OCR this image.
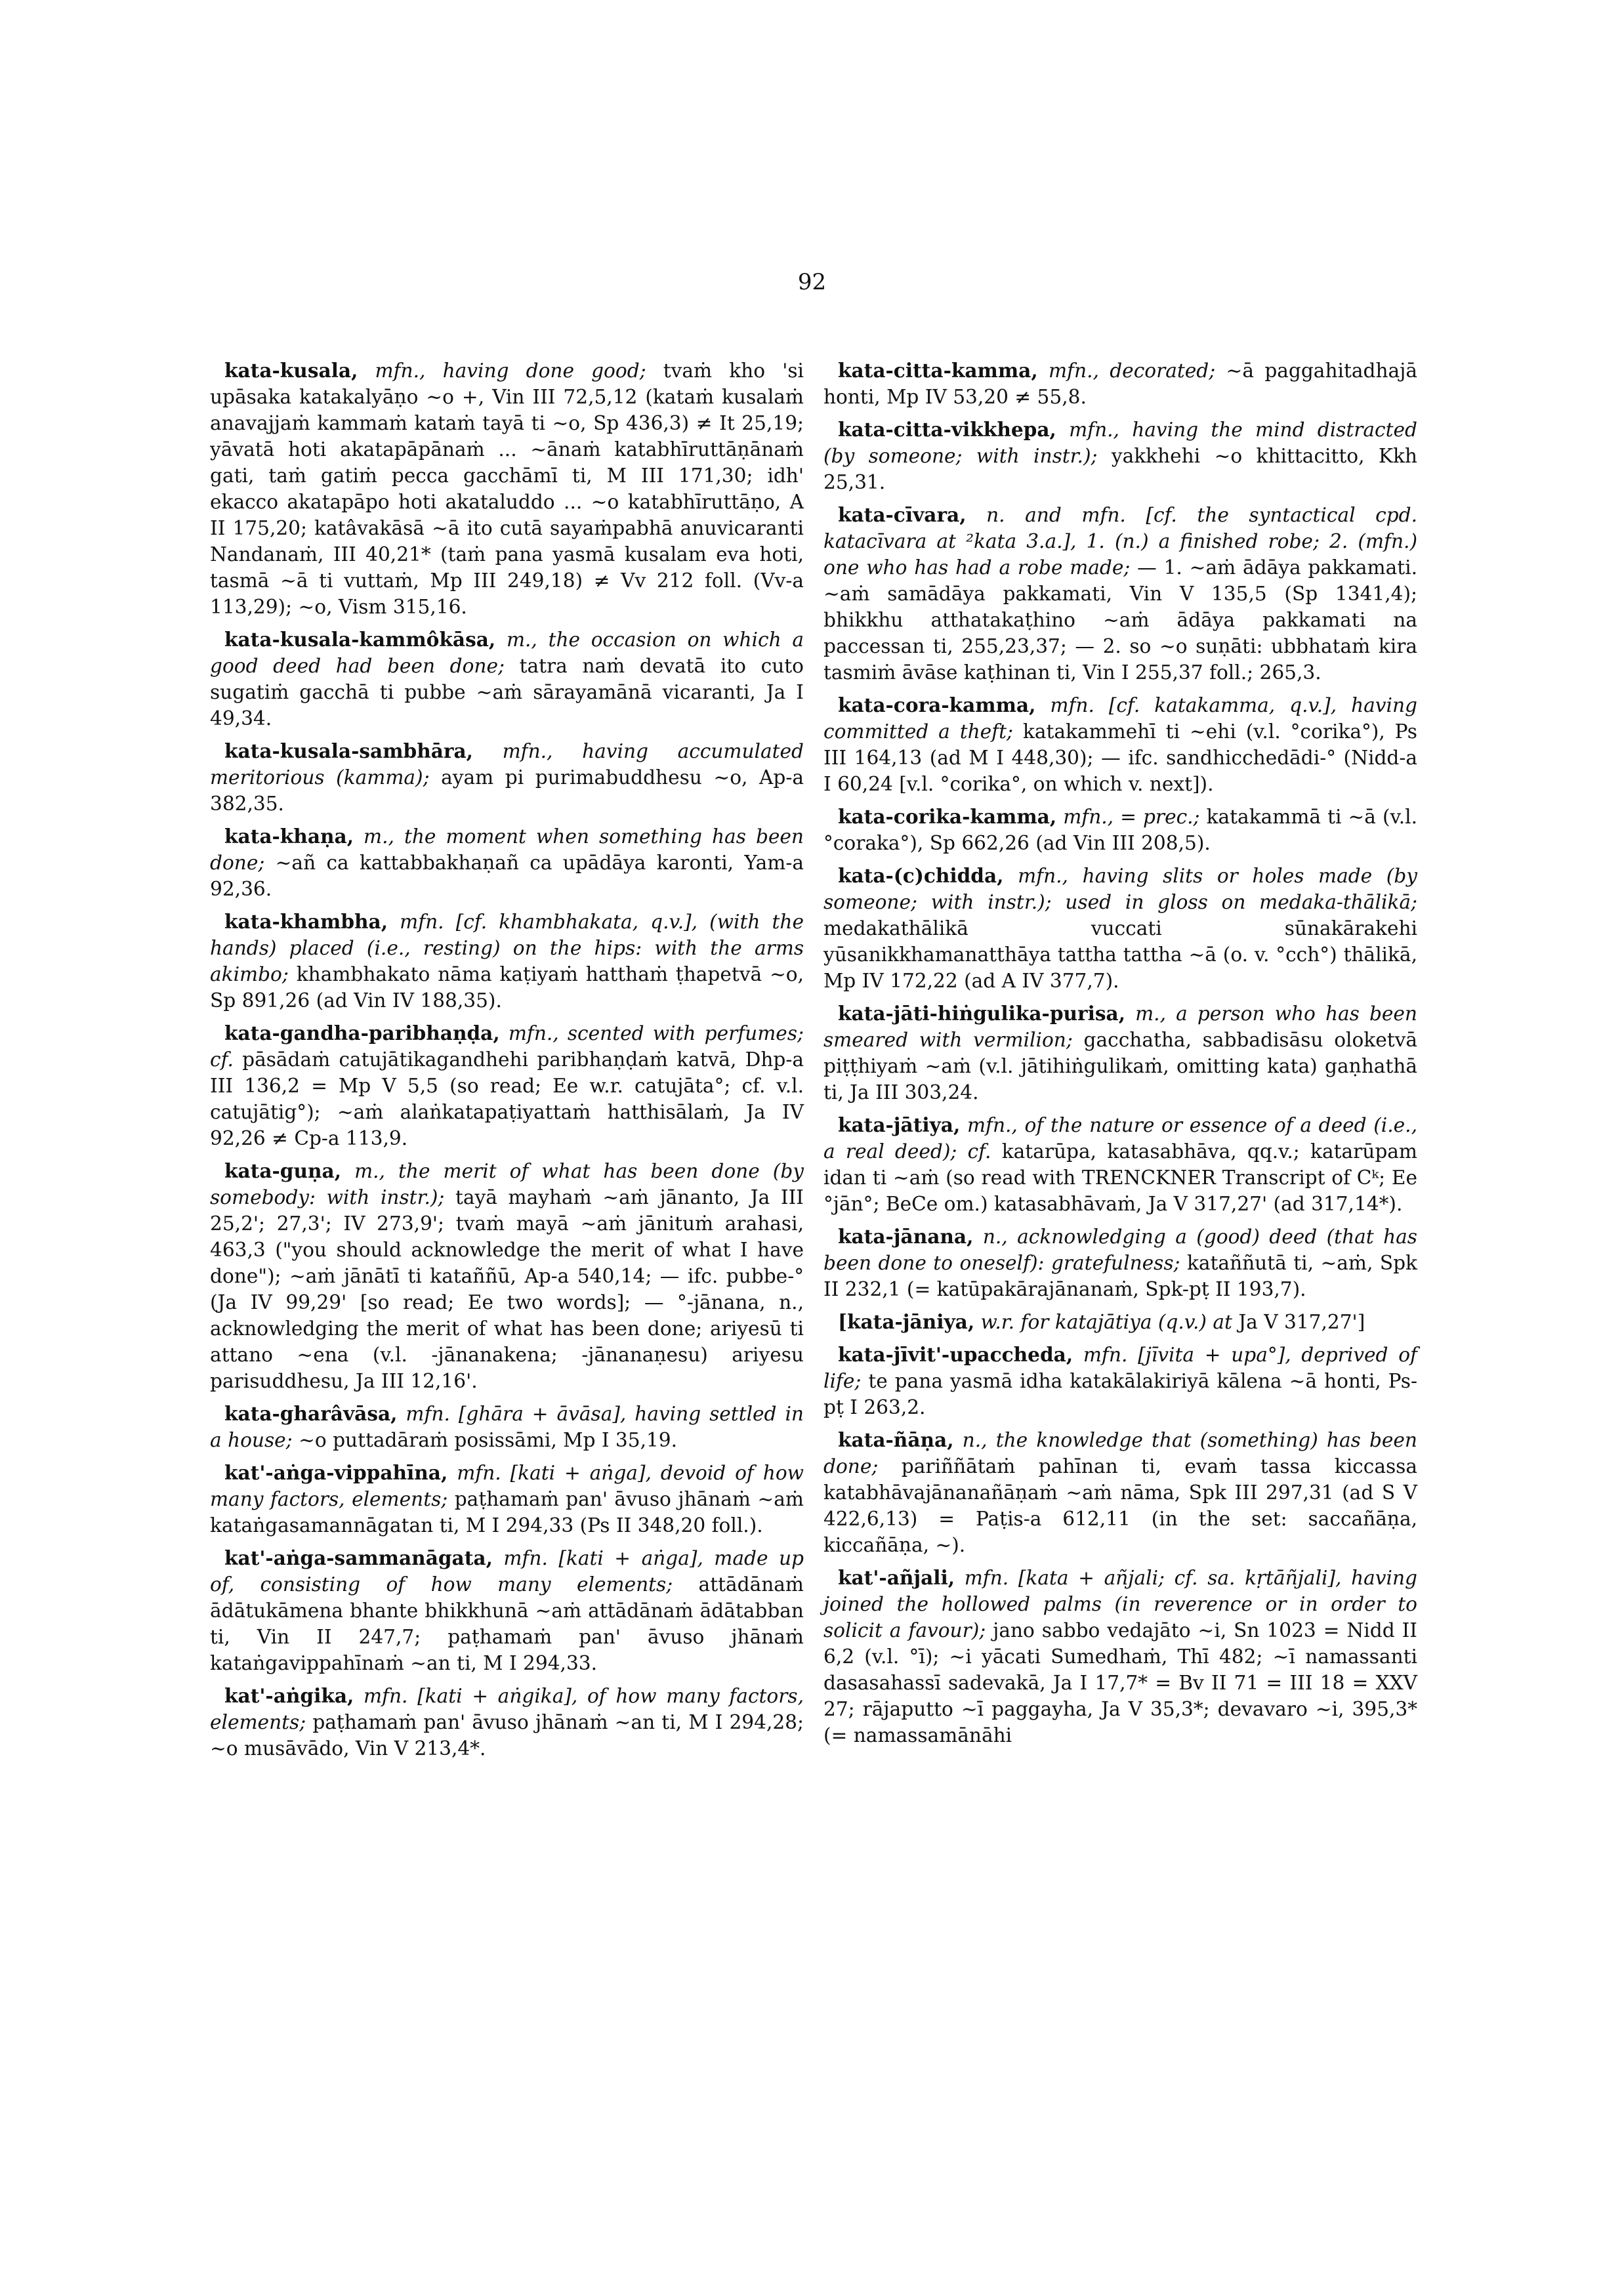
92

kata-kusala, mfn., having done good; tvaṁ kho 'si upāsaka katakalyāṇo ~o +, Vin III 72,5,12 (kataṁ kusalaṁ anavajjaṁ kammaṁ kataṁ tayā ti ~o, Sp 436,3) ≠ It 25,19; yāvatā hoti akatapāpānaṁ ... ~ānaṁ katabhīruttāṇānaṁ gati, taṁ gatiṁ pecca gacchāmī ti, M III 171,30; idh' ekacco akatapāpo hoti akataluddo ... ~o katabhīruttāṇo, A II 175,20; katâvakāsā ~ā ito cutā sayaṁpabhā anuvicaranti Nandanaṁ, III 40,21* (taṁ pana yasmā kusalam eva hoti, tasmā ~ā ti vuttaṁ, Mp III 249,18) ≠ Vv 212 foll. (Vv-a 113,29); ~o, Vism 315,16.

kata-kusala-kammôkāsa, m., the occasion on which a good deed had been done; tatra naṁ devatā ito cuto sugatiṁ gacchā ti pubbe ~aṁ sārayamānā vicaranti, Ja I 49,34.

kata-kusala-sambhāra, mfn., having accumulated meritorious (kamma); ayam pi purimabuddhesu ~o, Ap-a 382,35.

kata-khaṇa, m., the moment when something has been done; ~añ ca kattabbakhaṇañ ca upādāya karonti, Yam-a 92,36.

kata-khambha, mfn. [cf. khambhakata, q.v.], (with the hands) placed (i.e., resting) on the hips: with the arms akimbo; khambhakato nāma kaṭiyaṁ hatthaṁ ṭhapetvā ~o, Sp 891,26 (ad Vin IV 188,35).

kata-gandha-paribhaṇḍa, mfn., scented with perfumes; cf. pāsādaṁ catujātikagandhehi paribhaṇḍaṁ katvā, Dhp-a III 136,2 = Mp V 5,5 (so read; Ee w.r. catujāta°; cf. v.l. catujātig°); ~aṁ alaṅkatapaṭiyattaṁ hatthisālaṁ, Ja IV 92,26 ≠ Cp-a 113,9.

kata-guṇa, m., the merit of what has been done (by somebody: with instr.); tayā mayhaṁ ~aṁ jānanto, Ja III 25,2'; 27,3'; IV 273,9'; tvaṁ mayā ~aṁ jānituṁ arahasi, 463,3 ("you should acknowledge the merit of what I have done"); ~aṁ jānātī ti kataññū, Ap-a 540,14; — ifc. pubbe-° (Ja IV 99,29' [so read; Ee two words]; — °-jānana, n., acknowledging the merit of what has been done; ariyesū ti attano ~ena (v.l. -jānanakena; -jānanaṇesu) ariyesu parisuddhesu, Ja III 12,16'.

kata-gharâvāsa, mfn. [ghāra + āvāsa], having settled in a house; ~o puttadāraṁ posissāmi, Mp I 35,19.

kat'-aṅga-vippahīna, mfn. [kati + aṅga], devoid of how many factors, elements; paṭhamaṁ pan' āvuso jhānaṁ ~aṁ kataṅgasamannāgatan ti, M I 294,33 (Ps II 348,20 foll.).

kat'-aṅga-sammanāgata, mfn. [kati + aṅga], made up of, consisting of how many elements; attādānaṁ ādātukāmena bhante bhikkhunā ~aṁ attādānaṁ ādātabban ti, Vin II 247,7; paṭhamaṁ pan' āvuso jhānaṁ kataṅgavippahīnaṁ ~an ti, M I 294,33.

kat'-aṅgika, mfn. [kati + aṅgika], of how many factors, elements; paṭhamaṁ pan' āvuso jhānaṁ ~an ti, M I 294,28; ~o musāvādo, Vin V 213,4*.

kata-citta-kamma, mfn., decorated; ~ā paggahitadhajā honti, Mp IV 53,20 ≠ 55,8.

kata-citta-vikkhepa, mfn., having the mind distracted (by someone; with instr.); yakkhehi ~o khittacitto, Kkh 25,31.

kata-cīvara, n. and mfn. [cf. the syntactical cpd. katacīvara at ²kata 3.a.], 1. (n.) a finished robe; 2. (mfn.) one who has had a robe made; — 1. ~aṁ ādāya pakkamati. ~aṁ samādāya pakkamati, Vin V 135,5 (Sp 1341,4); bhikkhu atthatakaṭhino ~aṁ ādāya pakkamati na paccessan ti, 255,23,37; — 2. so ~o suṇāti: ubbhataṁ kira tasmiṁ āvāse kaṭhinan ti, Vin I 255,37 foll.; 265,3.

kata-cora-kamma, mfn. [cf. katakamma, q.v.], having committed a theft; katakammehī ti ~ehi (v.l. °corika°), Ps III 164,13 (ad M I 448,30); — ifc. sandhicchedādi-° (Nidd-a I 60,24 [v.l. °corika°, on which v. next]).

kata-corika-kamma, mfn., = prec.; katakammā ti ~ā (v.l. °coraka°), Sp 662,26 (ad Vin III 208,5).

kata-(c)chidda, mfn., having slits or holes made (by someone; with instr.); used in gloss on medaka-thālikā; medakathālikā vuccati sūnakārakehi yūsanikkhamanatthāya tattha tattha ~ā (o. v. °cch°) thālikā, Mp IV 172,22 (ad A IV 377,7).

kata-jāti-hiṅgulika-purisa, m., a person who has been smeared with vermilion; gacchatha, sabbadisāsu oloketvā piṭṭhiyaṁ ~aṁ (v.l. jātihiṅgulikaṁ, omitting kata) gaṇhathā ti, Ja III 303,24.

kata-jātiya, mfn., of the nature or essence of a deed (i.e., a real deed); cf. katarūpa, katasabhāva, qq.v.; katarūpam idan ti ~aṁ (so read with TRENCKNER Transcript of Cᵏ; Ee °jān°; BeCe om.) katasabhāvaṁ, Ja V 317,27' (ad 317,14*).

kata-jānana, n., acknowledging a (good) deed (that has been done to oneself): gratefulness; kataññutā ti, ~aṁ, Spk II 232,1 (= katūpakārajānanaṁ, Spk-pṭ II 193,7).

[kata-jāniya, w.r. for katajātiya (q.v.) at Ja V 317,27']

kata-jīvit'-upaccheda, mfn. [jīvita + upa°], deprived of life; te pana yasmā idha katakālakiriyā kālena ~ā honti, Ps-pṭ I 263,2.

kata-ñāṇa, n., the knowledge that (something) has been done; pariññātaṁ pahīnan ti, evaṁ tassa kiccassa katabhāvajānanañāṇaṁ ~aṁ nāma, Spk III 297,31 (ad S V 422,6,13) = Paṭis-a 612,11 (in the set: saccañāṇa, kiccañāṇa, ~).

kat'-añjali, mfn. [kata + añjali; cf. sa. kṛtāñjali], having joined the hollowed palms (in reverence or in order to solicit a favour); jano sabbo vedajāto ~i, Sn 1023 = Nidd II 6,2 (v.l. °ī); ~i yācati Sumedhaṁ, Thī 482; ~ī namassanti dasasahassī sadevakā, Ja I 17,7* = Bv II 71 = III 18 = XXV 27; rājaputto ~ī paggayha, Ja V 35,3*; devavaro ~i, 395,3* (= namassamānāhi
